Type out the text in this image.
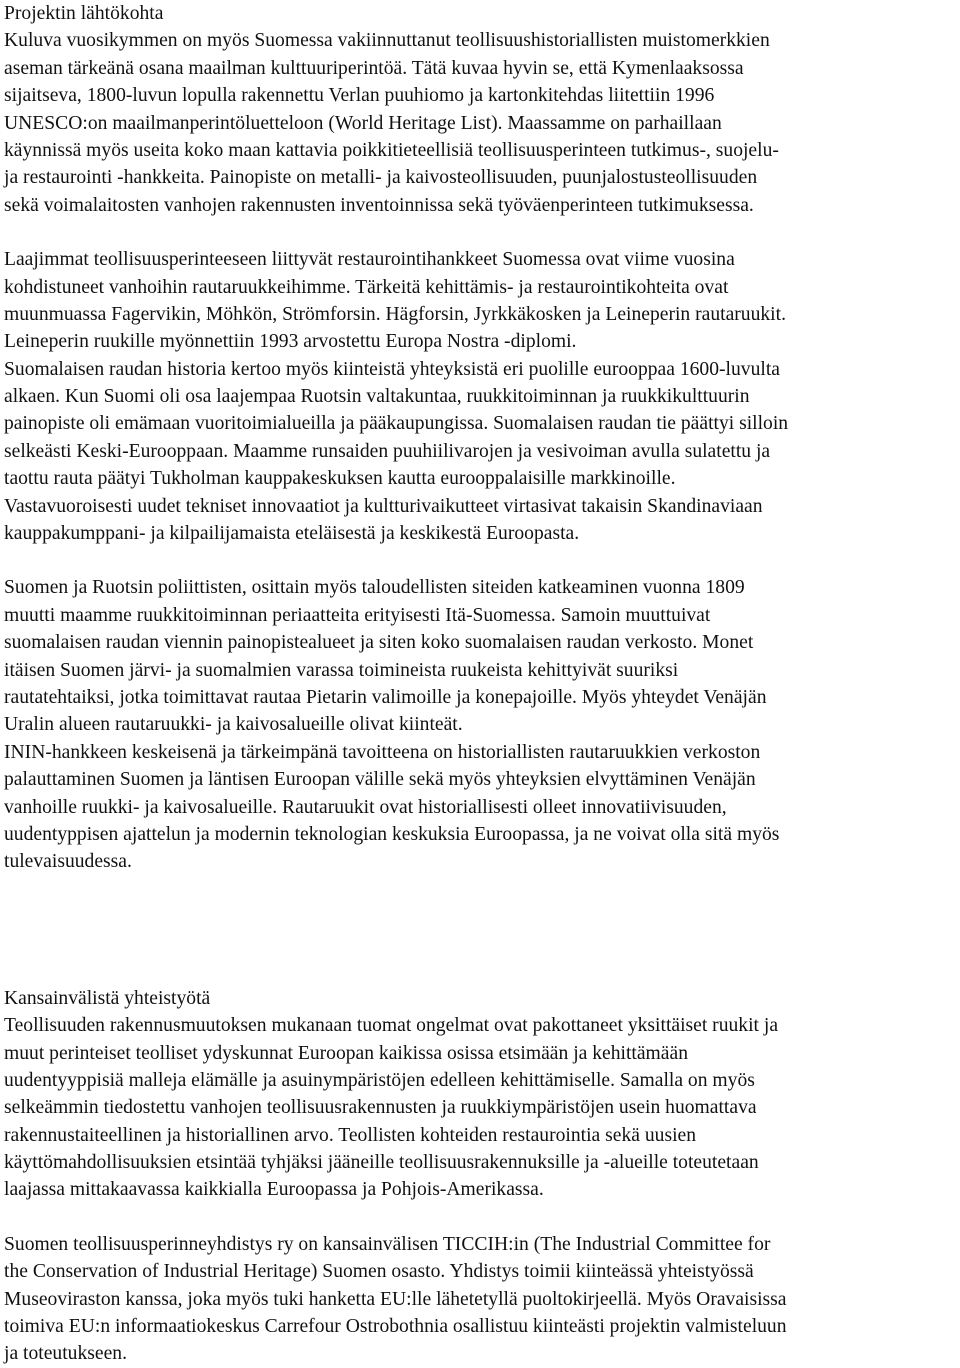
Projektin lähtökohta
Kuluva vuosikymmen on myös Suomessa vakiinnuttanut teollisuushistoriallisten muistomerkkien
aseman tärkeänä osana maailman kulttuuriperintöä. Tätä kuvaa hyvin se, että Kymenlaaksossa
sijaitseva, 1800-luvun lopulla rakennettu Verlan puuhiomo ja kartonkitehdas liitettiin 1996
UNESCO:on maailmanperintöluetteloon (World Heritage List). Maassamme on parhaillaan
käynnissä myös useita koko maan kattavia poikkitieteellisiä teollisuusperinteen tutkimus-, suojelu-
ja restaurointi -hankkeita. Painopiste on metalli- ja kaivosteollisuuden, puunjalostusteollisuuden
sekä voimalaitosten vanhojen rakennusten inventoinnissa sekä työväenperinteen tutkimuksessa.
Laajimmat teollisuusperinteeseen liittyvät restaurointihankkeet Suomessa ovat viime vuosina
kohdistuneet vanhoihin rautaruukkeihimme. Tärkeitä kehittämis- ja restaurointikohteita ovat
muunmuassa Fagervikin, Möhkön, Strömforsin. Hägforsin, Jyrkkäkosken ja Leineperin rautaruukit.
Leineperin ruukille myönnettiin 1993 arvostettu Europa Nostra -diplomi.
Suomalaisen raudan historia kertoo myös kiinteistä yhteyksistä eri puolille eurooppaa 1600-luvulta
alkaen. Kun Suomi oli osa laajempaa Ruotsin valtakuntaa, ruukkitoiminnan ja ruukkikulttuurin
painopiste oli emämaan vuoritoimialueilla ja pääkaupungissa. Suomalaisen raudan tie päättyi silloin
selkeästi Keski-Eurooppaan. Maamme runsaiden puuhiilivarojen ja vesivoiman avulla sulatettu ja
taottu rauta päätyi Tukholman kauppakeskuksen kautta eurooppalaisille markkinoille.
Vastavuoroisesti uudet tekniset innovaatiot ja kultturivaikutteet virtasivat takaisin Skandinaviaan
kauppakumppani- ja kilpailijamaista eteläisestä ja keskikestä Euroopasta.
Suomen ja Ruotsin poliittisten, osittain myös taloudellisten siteiden katkeaminen vuonna 1809
muutti maamme ruukkitoiminnan periaatteita erityisesti Itä-Suomessa. Samoin muuttuivat
suomalaisen raudan viennin painopistealueet ja siten koko suomalaisen raudan verkosto. Monet
itäisen Suomen järvi- ja suomalmien varassa toimineista ruukeista kehittyivät suuriksi
rautatehtaiksi, jotka toimittavat rautaa Pietarin valimoille ja konepajoille. Myös yhteydet Venäjän
Uralin alueen rautaruukki- ja kaivosalueille olivat kiinteät.
ININ-hankkeen keskeisenä ja tärkeimpänä tavoitteena on historiallisten rautaruukkien verkoston
palauttaminen Suomen ja läntisen Euroopan välille sekä myös yhteyksien elvyttäminen Venäjän
vanhoille ruukki- ja kaivosalueille. Rautaruukit ovat historiallisesti olleet innovatiivisuuden,
uudentyppisen ajattelun ja modernin teknologian keskuksia Euroopassa, ja ne voivat olla sitä myös
tulevaisuudessa.
Kansainvälistä yhteistyötä
Teollisuuden rakennusmuutoksen mukanaan tuomat ongelmat ovat pakottaneet yksittäiset ruukit ja
muut perinteiset teolliset ydyskunnat Euroopan kaikissa osissa etsimään ja kehittämään
uudentyyppisiä malleja elämälle ja asuinympäristöjen edelleen kehittämiselle. Samalla on myös
selkeämmin tiedostettu vanhojen teollisuusrakennusten ja ruukkiympäristöjen usein huomattava
rakennustaiteellinen ja historiallinen arvo. Teollisten kohteiden restaurointia sekä uusien
käyttömahdollisuuksien etsintää tyhjäksi jääneille teollisuusrakennuksille ja -alueille toteutetaan
laajassa mittakaavassa kaikkialla Euroopassa ja Pohjois-Amerikassa.
Suomen teollisuusperinneyhdistys ry on kansainvälisen TICCIH:in (The Industrial Committee for
the Conservation of Industrial Heritage) Suomen osasto. Yhdistys toimii kiinteässä yhteistyössä
Museoviraston kanssa, joka myös tuki hanketta EU:lle lähetetyllä puoltokirjeellä. Myös Oravaisissa
toimiva EU:n informaatiokeskus Carrefour Ostrobothnia osallistuu kiinteästi projektin valmisteluun
ja toteutukseen.
